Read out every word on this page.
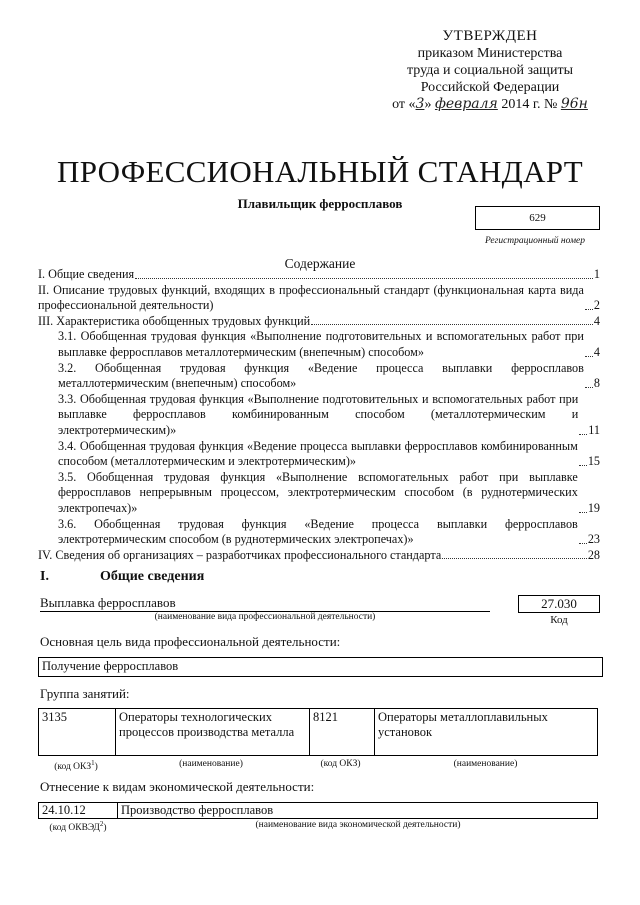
УТВЕРЖДЕН
приказом Министерства
труда и социальной защиты
Российской Федерации
от «3» февраля 2014 г. № 96н
ПРОФЕССИОНАЛЬНЫЙ СТАНДАРТ
Плавильщик ферросплавов
629
Регистрационный номер
Содержание
I. Общие сведения	1
II. Описание трудовых функций, входящих в профессиональный стандарт (функциональная карта вида профессиональной деятельности)	2
III. Характеристика обобщенных трудовых функций	4
3.1. Обобщенная трудовая функция «Выполнение подготовительных и вспомогательных работ при выплавке ферросплавов металлотермическим (внепечным) способом»	4
3.2. Обобщенная трудовая функция «Ведение процесса выплавки ферросплавов металлотермическим (внепечным) способом»	8
3.3. Обобщенная трудовая функция «Выполнение подготовительных и вспомогательных работ при выплавке ферросплавов комбинированным способом (металлотермическим и электротермическим)»	11
3.4. Обобщенная трудовая функция «Ведение процесса выплавки ферросплавов комбинированным способом (металлотермическим и электротермическим)»	15
3.5. Обобщенная трудовая функция «Выполнение вспомогательных работ при выплавке ферросплавов непрерывным процессом, электротермическим способом (в руднотермических электропечах)»	19
3.6. Обобщенная трудовая функция «Ведение процесса выплавки ферросплавов электротермическим способом (в руднотермических электропечах)»	23
IV. Сведения об организациях – разработчиках профессионального стандарта	28
I.	Общие сведения
Выплавка ферросплавов
(наименование вида профессиональной деятельности)
27.030
Код
Основная цель вида профессиональной деятельности:
Получение ферросплавов
Группа занятий:
3135	Операторы технологических процессов производства металла	8121	Операторы металлоплавильных установок
(код ОКЗ$^1$)	(наименование)	(код ОКЗ)	(наименование)
Отнесение к видам экономической деятельности:
24.10.12	Производство ферросплавов
(код ОКВЭД$^2$)	(наименование вида экономической деятельности)
